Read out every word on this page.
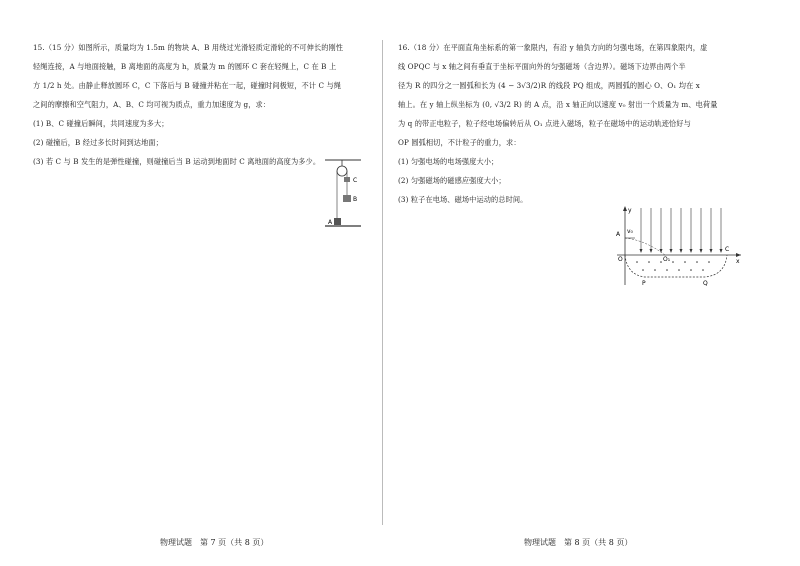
15.（15 分）如图所示，质量均为 1.5m 的物块 A、B 用绕过光滑轻质定滑轮的不可伸长的刚性

轻绳连接，A 与地面接触，B 离地面的高度为 h，质量为 m 的圆环 C 套在轻绳上，C 在 B 上

方 1/2 h 处。由静止释放圆环 C，C 下落后与 B 碰撞并粘在一起，碰撞时间极短，不计 C 与绳

之间的摩擦和空气阻力，A、B、C 均可视为质点，重力加速度为 g，求：

(1) B、C 碰撞后瞬间，共同速度为多大；

(2) 碰撞后，B 经过多长时间到达地面；

(3) 若 C 与 B 发生的是弹性碰撞，则碰撞后当 B 运动到地面时 C 离地面的高度为多少。

C
B
A
物理试题　第 7 页（共 8 页）

16.（18 分）在平面直角坐标系的第一象限内，有沿 y 轴负方向的匀强电场，在第四象限内，虚

线 OPQC 与 x 轴之间有垂直于坐标平面向外的匀强磁场（含边界）。磁场下边界由两个半

径为 R 的四分之一圆弧和长为 (4 − 3√3/2)R 的线段 PQ 组成，两圆弧的圆心 O、O₁ 均在 x

轴上。在 y 轴上纵坐标为 (0, √3/2 R) 的 A 点，沿 x 轴正向以速度 v₀ 射出一个质量为 m、电荷量

为 q 的带正电粒子，粒子经电场偏转后从 O₁ 点进入磁场，粒子在磁场中的运动轨迹恰好与

OP 圆弧相切，不计粒子的重力，求：

(1) 匀强电场的电场强度大小；

(2) 匀强磁场的磁感应强度大小；

(3) 粒子在电场、磁场中运动的总时间。

y
x
A v₀
O	O₁
C
P	Q
物理试题　第 8 页（共 8 页）
